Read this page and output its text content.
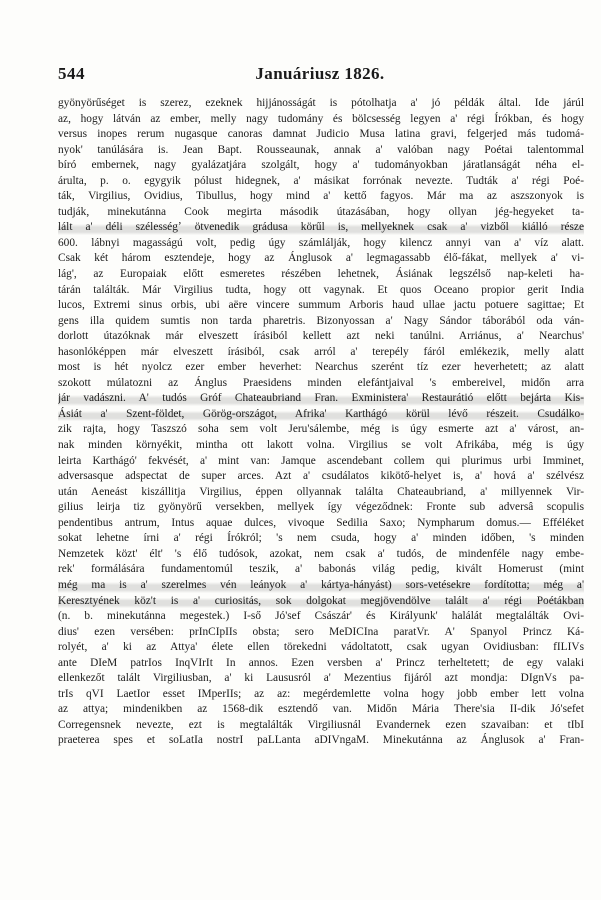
544	Januáriusz 1826.
gyönyörűséget is szerez, ezeknek hijjánosságát is pótolhatja a' jó példák által. Ide járúl
az, hogy látván az ember, melly nagy tudomány és bölcsesség legyen a' régi Írókban, és hogy
versus inopes rerum nugasque canoras damnat Judicio Musa latina gravi, felgerjed más tudomá-
nyok' tanúlására is. Jean Bapt. Rousseaunak, annak a' valóban nagy Poétai talentommal
bíró embernek, nagy gyalázatjára szolgált, hogy a' tudományokban járatlanságát néha el-
árulta, p. o. egygyik pólust hidegnek, a' másikat forrónak nevezte. Tudták a' régi Poé-
ták, Virgilius, Ovidius, Tibullus, hogy mind a' kettő fagyos. Már ma az aszszonyok is
tudják, minekutánna Cook megirta második útazásában, hogy ollyan jég-hegyeket ta-
lált a' déli szélességʼ ötvenedik grádusa körűl is, mellyeknek csak a' vizből kiálló része
600. lábnyi magasságú volt, pedig úgy számlálják, hogy kilencz annyi van a' víz alatt.
Csak két három esztendeje, hogy az Ánglusok a' legmagassabb élő-fákat, mellyek a' vi-
lág', az Europaiak előtt esmeretes részében lehetnek, Ásiának legszélső nap-keleti ha-
tárán találták. Már Virgilius tudta, hogy ott vagynak. Et quos Oceano propior gerit India
lucos, Extremi sinus orbis, ubi aëre vincere summum Arboris haud ullae jactu potuere sagittae; Et
gens illa quidem sumtis non tarda pharetris. Bizonyossan a' Nagy Sándor táborából oda ván-
dorlott útazóknak már elveszett írásiból kellett azt neki tanúlni. Arriánus, a' Nearchus'
hasonlóképpen már elveszett írásiból, csak arról a' terepély fáról emlékezik, melly alatt
most is hét nyolcz ezer ember heverhet: Nearchus szerént tíz ezer heverhetett; az alatt
szokott múlatozni az Ánglus Praesidens minden elefántjaival 's embereivel, midőn arra
jár vadászni. A' tudós Gróf Chateaubriand Fran. Exministera' Restaurátió előtt bejárta Kis-
Ásiát a' Szent-földet, Görög-országot, Afrika' Karthágó körül lévő részeit. Csudálko-
zik rajta, hogy Taszszó soha sem volt Jeru'sálembe, még is úgy esmerte azt a' várost, an-
nak minden környékit, mintha ott lakott volna. Virgilius se volt Afrikába, még is úgy
leirta Karthágó' fekvését, a' mint van: Jamque ascendebant collem qui plurimus urbi Imminet,
adversasque adspectat de super arces. Azt a' csudálatos kikötő-helyet is, a' hová a' szélvész
után Aeneást kiszállitja Virgilius, éppen ollyannak találta Chateaubriand, a' millyennek Vir-
gilius leirja tiz gyönyörű versekben, mellyek így végeződnek: Fronte sub adversâ scopulis
pendentibus antrum, Intus aquae dulces, vivoque Sedilia Saxo; Nympharum domus.— Efféléket
sokat lehetne írni a' régi Írókról; 's nem csuda, hogy a' minden időben, 's minden
Nemzetek közt' élt' 's élő tudósok, azokat, nem csak a' tudós, de mindenféle nagy embe-
rek' formálására fundamentomúl teszik, a' babonás világ pedig, kivált Homerust (mint
még ma is a' szerelmes vén leányok a' kártya-hányást) sors-vetésekre fordította; még a'
Keresztyének köz't is a' curiositás, sok dolgokat megjövendölve talált a' régi Poétákban
(n. b. minekutánna megestek.) I-ső Jó'sef Császár' és Királyunk' halálát megtalálták Ovi-
dius' ezen versében: prInCIpIIs obsta; sero MeDICIna paratVr. A' Spanyol Princz Ká-
rolyét, a' ki az Attya' élete ellen törekedni vádoltatott, csak ugyan Ovidiusban: fILIVs
ante DIeM patrIos InqVIrIt In annos. Ezen versben a' Princz terheltetett; de egy valaki
ellenkezőt talált Virgiliusban, a' ki Laususról a' Mezentius fijáról azt mondja: DIgnVs pa-
trIs qVI LaetIor esset IMperIIs; az az: megérdemlette volna hogy jobb ember lett volna
az attya; mindenikben az 1568-dik esztendő van. Midőn Mária There'sia II-dik Jó'sefet
Corregensnek nevezte, ezt is megtalálták Virgiliusnál Evandernek ezen szavaiban: et tIbI
praeterea spes et soLatIa nostrI paLLanta aDIVngaM. Minekutánna az Ánglusok a' Fran-
